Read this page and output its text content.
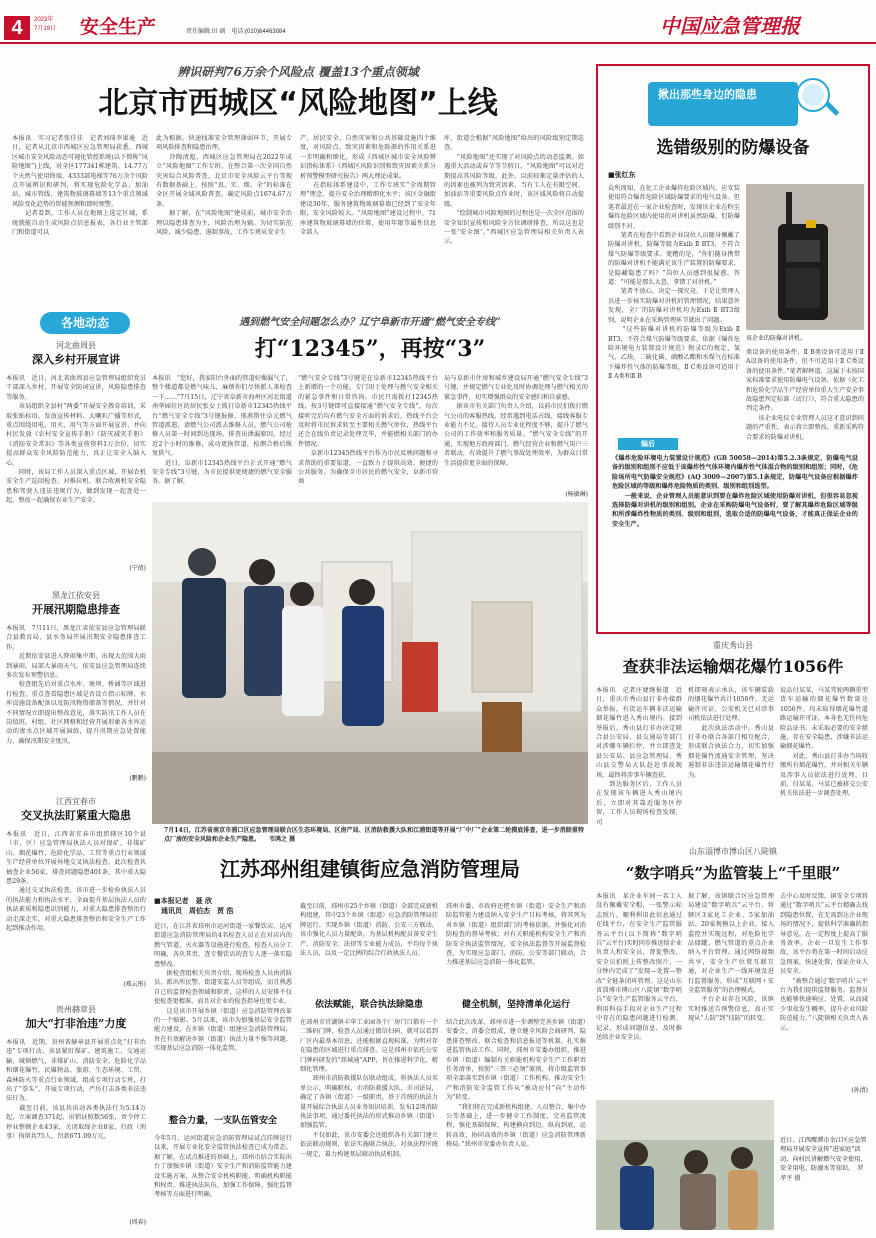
4	2023年
7月19日	安全生产	责任编辑:田 硕　电话:(010)64463084	中国应急管理报
辨识研判76万余个风险点 覆盖13个重点领域
北京市西城区“风险地图”上线
本报讯　实习记者张佳佳　记者刘琦李果通　近日，记者从北京市西城区应急管理局获悉，西城区城市安全风险动态可视化管控系统(以下简称“风险地图”)上线，对全区177341栋建筑、14.77万个天然气使用终端、4333部电梯等76万余个风险点开展辨识和研判，将实现危险化学品、加油站、城市管线、建筑物玻璃幕墙等13个重点领域风险变化趋势的智能预测和即时预警。
　　记者看到，工作人员在地图上选定区域，系统就能自动生成风险点信息报表，各行业主管部门和街道可以
此为根据，快速找准安全管理薄弱环节，开展专项风险排查和隐患治理。
　　冷陶清彪，西城区应急管理局在2022年成立“风险地图”工作专班，在整合第一次全国自然灾害综合风险普查、北京市安全风险云平台等现有数据基础上，按照“真、实、细、全”的标准在全区开展全域风险普查，确定风险点1674.67万条。
　　据了解，在“风险地图”建成前，城市安全治理以隐患排查为主，风险治理为辅。为切实防范风险、减少隐患，遏制事故，工作专班从安全生
产、居民安全、自然灾害和公共基础设施四个维度，对风险点、致灾因素和危险源的作用关系进一步明确和细化，形成《西城区城市安全风险辨识指标体系》《西城区风险识别和致灾因素关系分析预警模型研究报告》两大理论成果。
　　在指标体系建设中，工作专班实“全周期管理”理念，提升安全治理精细化水平；该区金融街建设30年，服务建筑物玻璃幕墙已经到了安全年限，安全风险较大。“风险地图”建设过程中，71座建筑物玻璃幕墙的位置，使用年限等属性信息全部入
库，街道会根据“风险地图”给出的风险级别定期巡查。
　　“风险地图”还实现了对风险点的动态监测。如遇重大活动或春节等节假日，“风险地图”可以对近期提高其风险等级，此外，以前较难定量评估的人的因素也被列为致灾因素，当有工人在有限空间、加油站等重要风险点作业时，该区域风险将自动提级。
　　“绘制城市风险地图的过程也是一次全区范围的安全知识宣传和风险全方位调研排查，所以这也是一张‘安全图’。”西城区应急管理局相关负责人表示。
各地动态
河北曲周县
深入乡村开展宣讲
本报讯　近日，河北省曲周县应急管理局组织党员干部深入乡村，开展安全防词宣讲，风险隐患排查等服务。
　　该局组织全县村“两委”开展安全教育培训，采取张贴标语、发放宣传材料、大喇叭广播等形式，重点围绕用电、用火、用气等方面开展宣讲，并向村民发放《农村安全宣传手册》《防灾减灾手册》《消防安全常识》等各类宣传资料1万余份，切实提高群众安全风险防范能力，真正让安全入脑入心。
　　同时，该局工作人员深入重点区域，开展农机安全生产巡回检查，对推拉机、联合收割机安全隐患和驾驶人违法违规行为，做到发现一起查处一起，整改一起确保农业生产安全。
(宁倩)
黑龙江依安县
开展汛期隐患排查
本报讯　7月11日，黑龙江省依安县应急管理局联合县教育局、县水务局开展汛期安全隐患排查工作。
　　近期依安县进入降雨集中期，出现大范围大雨到暴雨，局部大暴雨天气。依安县应急管理局连续多次发布预警信息。
　　检查组先后对重点水库、塘坝、桥涵等区域进行检查，重点查看隐患区域是否设立指示标牌，水库设施设备配备以及防汛物资储备等情况，并针对不同情况立即提出整改意见，落实防汛工作人员在岗值班，村组、社区网格和经营开展形象各水库运动的渗水点区域开展演练，提升汛期应急处置能力，确保汛期安全度汛。
(鹏鹏)
江西宜春市
交叉执法盯紧重大隐患
本报讯　近日，江西省宜春市组织辖区10个县（市、区）应急管理局执法人员对保矿、非煤矿山、烟花爆竹、危险化学品、工贸等重点行业领域生产经营单位开展异地交叉执法检查。此次检查共抽查企业56家，排查问题隐患401条，其中重大隐患29条。
　　通过交叉执法检查，该市进一步检验执法人员的执法能力和执法水平，全面提升基层执法人员的执法素质和隐患识别能力，对重大隐患排查整治行动走深走实，对重大隐患排查整治和安全生产工作起到推动作用。
(郑云彤)
贵州赫章县
加大“打非治违”力度
本报讯　近期，贵州省赫章县开展重点化“打非治违”专项行动。该县紧盯煤矿、建筑施工、交通运输、城镇燃气、非煤矿山、消防安全、危险化学品和烟花爆竹，民爆物品、旅游、生态环境、工贸、森林防火等重点行业领域，组成专项行动专班，打出了“拳头”，开展专项行动，严厉打击各类非法违法行为。
　　截至目前，该县共出动各类执法行为5.14万起，立案调查371起，吊销证照数56张，责令停工停业整顿企业43家，关闭取缔企业8家，行政（刑事）拘留共75人，罚款671.09万元。
(周春)
遇到燃气安全问题怎么办？辽宁阜新市开通“燃气安全专线”
打“12345”，再按“3”
本报讯　“您好，我家阳台外面的管道好像漏气了，整个楼道都是燃气味儿，麻烦你们尽快派人来检查一下……”7月15日，辽宁省阜新市海州区河北街道南华园社区的居民张女士拨打阜新市12345热线平台“燃气安全专线”3号键报修，邢燕斯往阜元燃气管道派遣，请燃气公司派去维修人员，燃气公司抢修人员第一时间到达现场，排查出泄漏原因，经过近2个小时的维修，成功更换管道，检测合格后恢复供气。
　　近日，阜新市12345热线平台正式开通“燃气安全专线”3号键，为市民提供更便捷的燃气安全服务。据了解，
“燃气安全专线”3号键是在阜新市12345热线平台上新增的一个功能，专门用于处理与燃气安全相关的紧急事件和日常咨询。市民只需拨打12345热线，按3号键即可直接接通“燃气安全专线”。每次接听完后均有燃气安全方面的诉求后，热线平台会及时将市民诉求转至主要相关燃气单位，热线平台还会在线负责记录处理完毕，并能燃相关部门的办件情况。
　　阜新市12345热线平台作为市民反映问题和寻求帮助的重要渠道，一直致力于提供高效、便捷的公共服务。为确保全市居民的燃气安全，阜新市营商
局与阜新市住房和城乡建设局开通“燃气安全专线”3号键，并规定燃气专业化及时协调处理与燃气相关的紧急事件，切实增强群众的安全感归和自豪感。
　　据该市有关部门负责人介绍，以前市民们拨打燃气公司的客服热线，经常遇到电话占线、接线客服专业能力不足、接待人员专业化程度不够，提升了燃气公司的工作效率和服务质量。“燃气安全专线”的开通，实现地方政府部门、燃气经营企业和燃气用户三者联动，有效提升了燃气事故处理效率，为群众日常生活提供更全面的保障。
(杨敏琳)
7月14日，江苏省南京市浦口区应急管理局联合区生态环境局、区房产局、区消防救援大队和江浦街道等开展“厂中厂”企业第二轮摸底排查，进一步消除重特点厂房的安全风险和企业生产隐患。　　韦鸿之 摄
江苏邳州组建镇街应急消防管理局
■本报记者　聂 欣
　通讯员　周伯杰　贾 浩
近日，在江苏省邳州市运河街道一家餐饮店，运河街道应急消防管理局的4名检查人员正在对店内的燃气管道、灭火器等设施进行检查。检查人员分工明确，各负其责，查专餐饮店的查专人逐一落实隐患整改。
　　据检查组相关负责介绍，现场检查人员由消防员、派出所民警、街道安监人员等组成，而且熟悉自己的监督检查领域和职责，这样的人员安排不仅使检查更精准，而且对企业的检查指导也更专业。
　　这是该市开展乡镇（街道）应急消防管理改革的一个缩影。5月以来，该市为加强基层安全监管能力建设，在乡镇（街道）组建应急消防管理局，旨在有效解决乡镇（街道）执法力量不强等问题，实现基层应急消防一体化监管。
整合力量，一支队伍管安全
今年5月，运河街道应急消防管理局试点挂牌运行以来，开展专业化安全监管执法检查已成为常态。据了解，在试点推进的基础上，邳州市结合实际出台了加强乡镇（街道）安全生产和消防监管能力建设实施方案，从整合安全机构职能、明确机构职能和权责、推进执法队伍、加强工作保障、强化监督考核等方面进行明确。
截至目前，邳州市25个乡镇（街道）全部完成新机构组建，其中23个乡镇（街道）应急消防管理局挂牌运行，实现乡镇（街道）消防、公安三方联动。该市强化人员力量配备，为基层机构配员备安全生产、消防安全、法律等专业能力成员，平均每个执法人员，以及一定比例的综合行政执法人员。
依法赋能，联合执法除隐患
在邳州市官湖镇丰华工业园各个厂房门口都有一个二维码门牌，检查人员通过微信扫码，就可以看到厂区内最基本信息，还能根据直观标准，为明对存在隐患的区域进行重点排查。这是邳州市依托公安门牌码研发的“邳城通”APP，旨在推进科学化、精细化管理。
　　邳州市消防救援队伍联动组成，将执法人员名单公示，明确职权，市消防救援大队、市司法局，确定了各镇（街道）一级职责，基于首统的执法力量开展综合执法人员业务知识培训，发布12项消防执法事项，通过委托执法的形式推动乡镇（街道）加强监管。
　　不仅如此，该市安委会还组织各有关部门建立依法联动规则，依法实施联合执法，对执法程序统一规定，着力构建基层联动执法机制。
邳州市委、市政府还把乡镇（街道）安全生产和消防监管能力建设纳入安全生产目标考核，将其列为对乡镇（街道）组织部门的考核依据，并强化对消防检查的督导考核；对有关职能机构安全生产和消防安全执法监管情况、安全执法监督等开展监督检查，为实现应急部门、消防、公安等部门联动，合力推进基层应急消防一体化监管。
健全机制，坚持清单化运行
结合此次改革，邳州市进一步调整完善乡镇（街道）安委会、消委会组成，建立健全风险会商研判、隐患排查整改、联合检查和信息报送等机制，扎实推进监管执法工作。同时，邳州市安委办组织，推进乡镇（街道）编制有关职能机构安全生产工作职责任务清单，按照“三管三必须”原则，将市级监管事项全部落实到乡镇（街道）工作机构，推动安全生产和消防安全监管工作从“被动应付”向“主动作为”转变。
　　“我们将在完成新机构组建、人员整合、集中办公等基础上，进一步健全工作制度，完善监管流程，强化基础保障，构建横向到边、纵向到底，运转高效、协同高效的乡镇（街道）应急消防管理新格局。”邳州市安委办负责人说。
揪出那些身边的隐患
选错级别的防爆设备
■张红东
众所周知，在化工企业爆炸危险区域内，应安装使用符合爆炸危险区域防爆要求的电气设备。但笔者最近在一家企业检查时，发现该企业在粉尘爆炸危险区域内使用的对讲机虽然防爆，但防爆级别不对。
　　笔者在检查中看到企业岗位人员随身佩戴了防爆对讲机，防爆等级为Exib Ⅱ BT3，不符合煤气防爆等级要求。更糟的是，“你们随身携带的防爆对讲机不能满足该生产装置的防爆要求，是隐藏隐患了吗？”岗位人员感到很疑惑，答道：“可能是那么大意，拿错了对讲机。”
　　笔者不放心，决定一探究竟，于是让管理人员进一步核实防爆对讲机的管理情况，结果意外发现，全厂的防爆对讲机均为Exib Ⅱ BT3级别，说明企业在采购管理环节就出了问题。
　　“这些防爆对讲机的防爆等级为Exib Ⅱ BT3，不符合煤气防爆等级要求，依据《爆炸危险环境电力装置设计规范》附录C的规定，氢气、乙炔、二硫化碳、硝酸乙酯和水煤气在标准下爆炸性气体的防爆等级，Ⅱ C类设备可适用于Ⅱ A类和Ⅱ B
该企业的防爆对讲机。
类设备的使用条件，Ⅱ B类设备可适用于Ⅱ A设备的使用条件，但不可适用于Ⅱ C类设备的使用条件。”笔者解释道，这属于未按国家标准要求使用防爆电气设备，依据《化工和危险化学品生产经营单位重大生产安全事故隐患判定标准（试行）》，符合重大隐患的判定条件。
　　该企业电仪专业管理人员这才意识到问题的严重性，表示将立即整改，重新采购符合要求的防爆对讲机。
编后
《爆炸危险环境电力装置设计规范》(GB 50058—2014)第5.2.3条规定，防爆电气设备的级别和组别不应低于该爆炸性气体环境内爆炸性气体混合物的级别和组别；同时，《危险场所电气防爆安全规范》(AQ 3009—2007)第5.1条规定，防爆电气设备应根据爆炸危险区域的等级和爆炸危险物质的类别、级别和组别选型。
　　一般来说，企业管理人员能意识到要在爆炸危险区域使用防爆对讲机，但很容易忽视选择防爆对讲机的级别和组别。企业在采购防爆电气设备时，要了解其爆炸危险区域等级和所涉爆炸性物质的类别、级别和组别，选取合适的防爆电气设备，才能真正保证企业的安全生产。
重庆秀山县
查获非法运输烟花爆竹1056件
本报讯　记者庄婕继报道　近日，重庆市秀山县打非办接群众举报，有货运车辆非法运输烟花爆竹进入秀山境内。接到举报后，秀山县打非办决定联合县公安局、县交通局等部门对涉嫌车辆拦停，并立即查处县公安局、县应急管理局、秀山县交警局大队赶赴事故现场，最终将涉事车辆查获。
　　到达服务区后，工作人员在发现该车辆进入秀山境内后，立即对其靠近服务区停留，工作人员现场检查发现，司
机即刻表示承认，该车辆装载的烟花爆竹共计1056件，无运输许可证，公安机关已对涉事司机依法进行处理。
　　此次执法活动中，秀山县打非办联合各部门相互配合，形成联合执法合力，切实加强烟花爆竹流通安全管理，坚决遏制非法违法运输烟花爆竹行为。
说品付某某，马某驾驶两辆重型货车运输的烟花爆竹数量达1056件，均未取得烟花爆竹道路运输许可证，本身也无任何危险品证书。未采取必要的安全措施，存在安全隐患，涉嫌非法运输烟花爆竹。
　　对此，秀山县打非办当场收缴所有烟花爆竹，并对相关车辆及涉事人员依法进行处理。目前，付某某、马某已被移交公安机关依法进一步调查处理。
山东淄博市博山区八陡镇
“数字哨兵”为监管装上“千里眼”
本报讯　某企业车间一名工人没有佩戴安全帽，一张警示标志照片，顺利利用此信息通过在线平台，在安全生产监管服务云平台(以下简称“数字哨兵”云平台)实时同步推送给企业负责人和安全员，督促整改，安全员拍照上传整改照片，一分钟内完成了“发现—处置—整改”全链条闭环管理。这是山东省淄博市博山区八陡镇“数字哨兵”安全生产监管服务云平台，利用科技手段对企业生产过程中存在的隐患问题进行检测、记录、形成问题信息，及时推送给企业安全员。
据了解，该镇联合区应急管理局建设“数字哨兵”云平台，将辖区3家化工企业、5家加油站、20家规模以上企业，接入监控并实现远程，对危险化学品储罐、燃气管道的重点企业纳入平台管理。通过网络视频共享，安全生产位置互联互通，对企业生产一线环境及进行监督服务，形成“互联网＋安全监管服务”的治理模式。
　　平台企业存在风险，该镇实时推送告预警信息，真正实现从“人防”到“技防”的转变。
去中心及时反馈。镇安全专项将通过“数字哨兵”云平台精确去找到隐患位置，在无需到达企业现场的情况下，提供科学准确的指导意见，在一定程度上提高了服务效率。企业一旦发生工作事故，该平台将在第一时间启动应急预案，快速处置，保证企业人员安全。
　　“被整合通过‘数字哨兵’云平台为我们提供监督服务，监督员也能够快速响应、处置，从而减少事故发生概率，提升企业风险防范能力。”八陡镇相关负责人表示。
(孙清)
近日，江西鹰潭市余江区应急管理局开展安全宣传“进家庭”活动，向村民讲解燃气安全使用、安全用电、防溺水等知识。　罗孝平 摄
